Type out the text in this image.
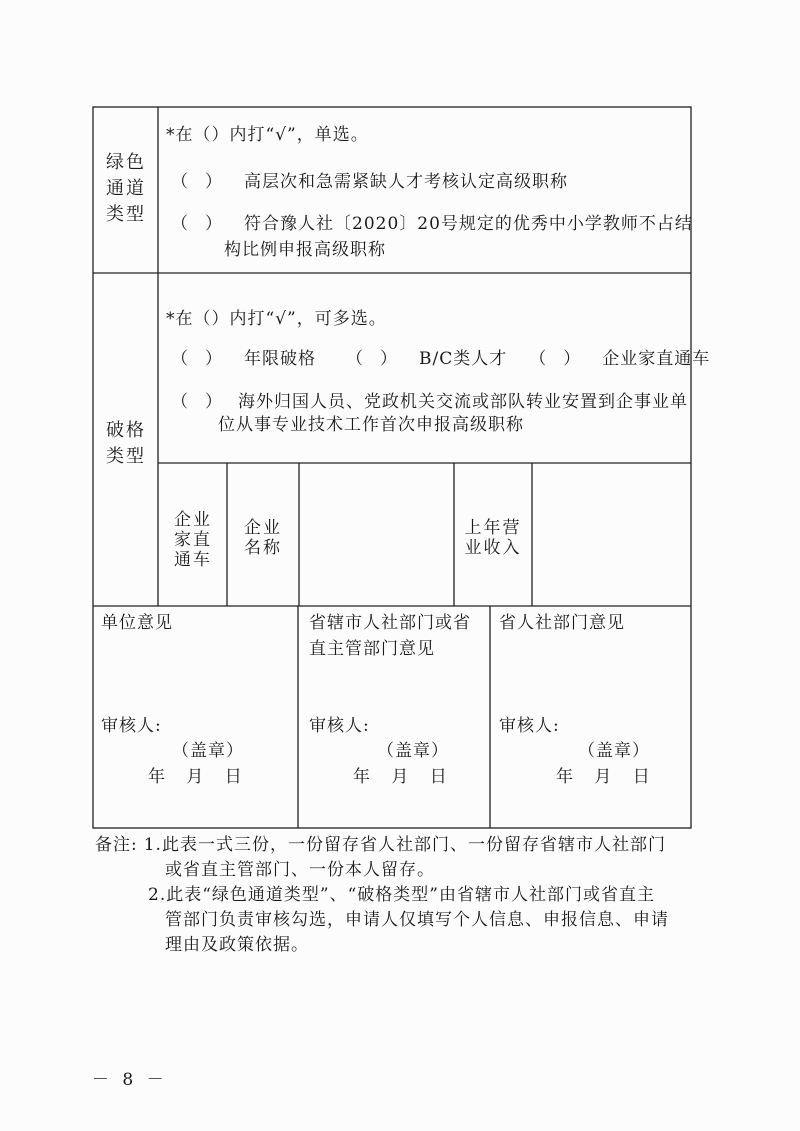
绿色
通道
类型
*在（）内打“√”，单选。
（　） 高层次和急需紧缺人才考核认定高级职称
（　） 符合豫人社〔2020〕20号规定的优秀中小学教师不占结
构比例申报高级职称
破格
类型
*在（）内打“√”，可多选。
（　） 年限破格 （　） B/C类人才 （　） 企业家直通车
（　） 海外归国人员、党政机关交流或部队转业安置到企事业单
位从事专业技术工作首次申报高级职称
企业
家直
通车
企业
名称
上年营
业收入
单位意见
审核人:
（盖章）
年 月 日
省辖市人社部门或省
直主管部门意见
审核人:
（盖章）
年 月 日
省人社部门意见
审核人:
（盖章）
年 月 日
备注: 1.此表一式三份，一份留存省人社部门、一份留存省辖市人社部门
或省直主管部门、一份本人留存。
2.此表“绿色通道类型”、“破格类型”由省辖市人社部门或省直主
管部门负责审核勾选，申请人仅填写个人信息、申报信息、申请
理由及政策依据。
－ 8 －
